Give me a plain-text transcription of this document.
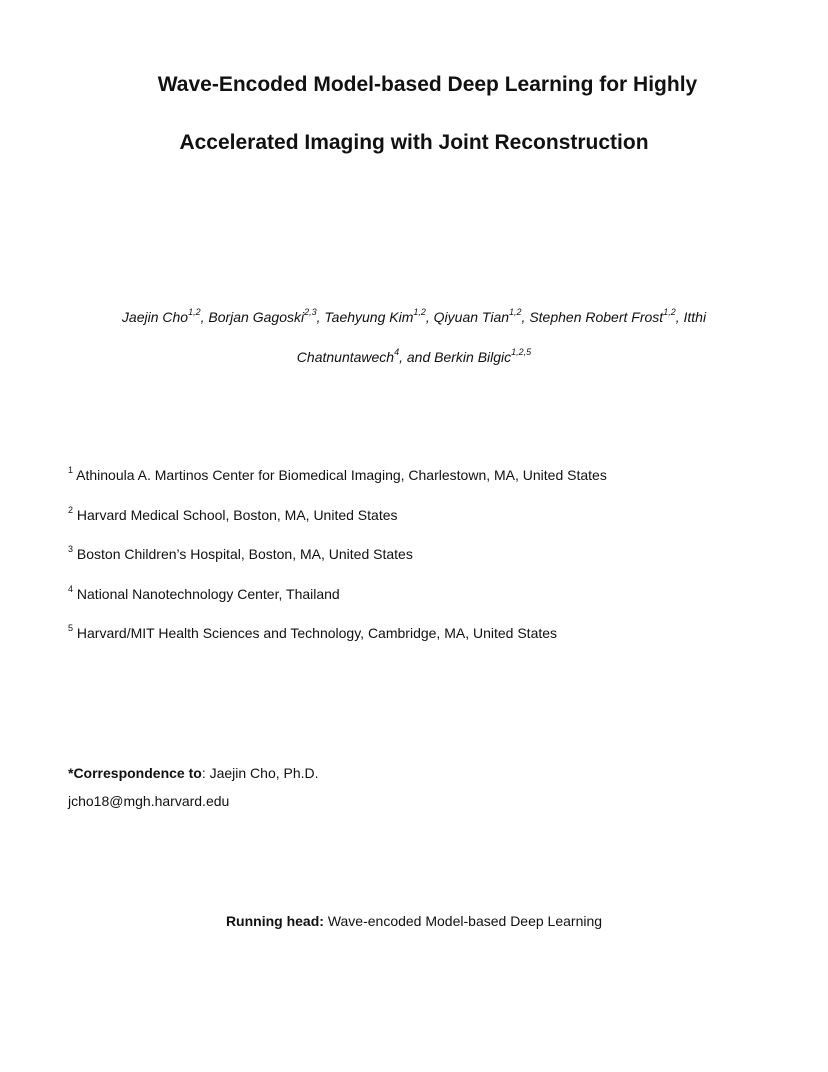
Wave-Encoded Model-based Deep Learning for Highly
Accelerated Imaging with Joint Reconstruction
Jaejin Cho$^{1,2}$, Borjan Gagoski$^{2,3}$, Taehyung Kim$^{1,2}$, Qiyuan Tian$^{1,2}$, Stephen Robert Frost$^{1,2}$, Itthi
Chatnuntawech$^4$, and Berkin Bilgic$^{1,2,5}$
$^1$ Athinoula A. Martinos Center for Biomedical Imaging, Charlestown, MA, United States
$^2$ Harvard Medical School, Boston, MA, United States
$^3$ Boston Children’s Hospital, Boston, MA, United States
$^4$ National Nanotechnology Center, Thailand
$^5$ Harvard/MIT Health Sciences and Technology, Cambridge, MA, United States
*Correspondence to: Jaejin Cho, Ph.D.
jcho18@mgh.harvard.edu
Running head: Wave-encoded Model-based Deep Learning
